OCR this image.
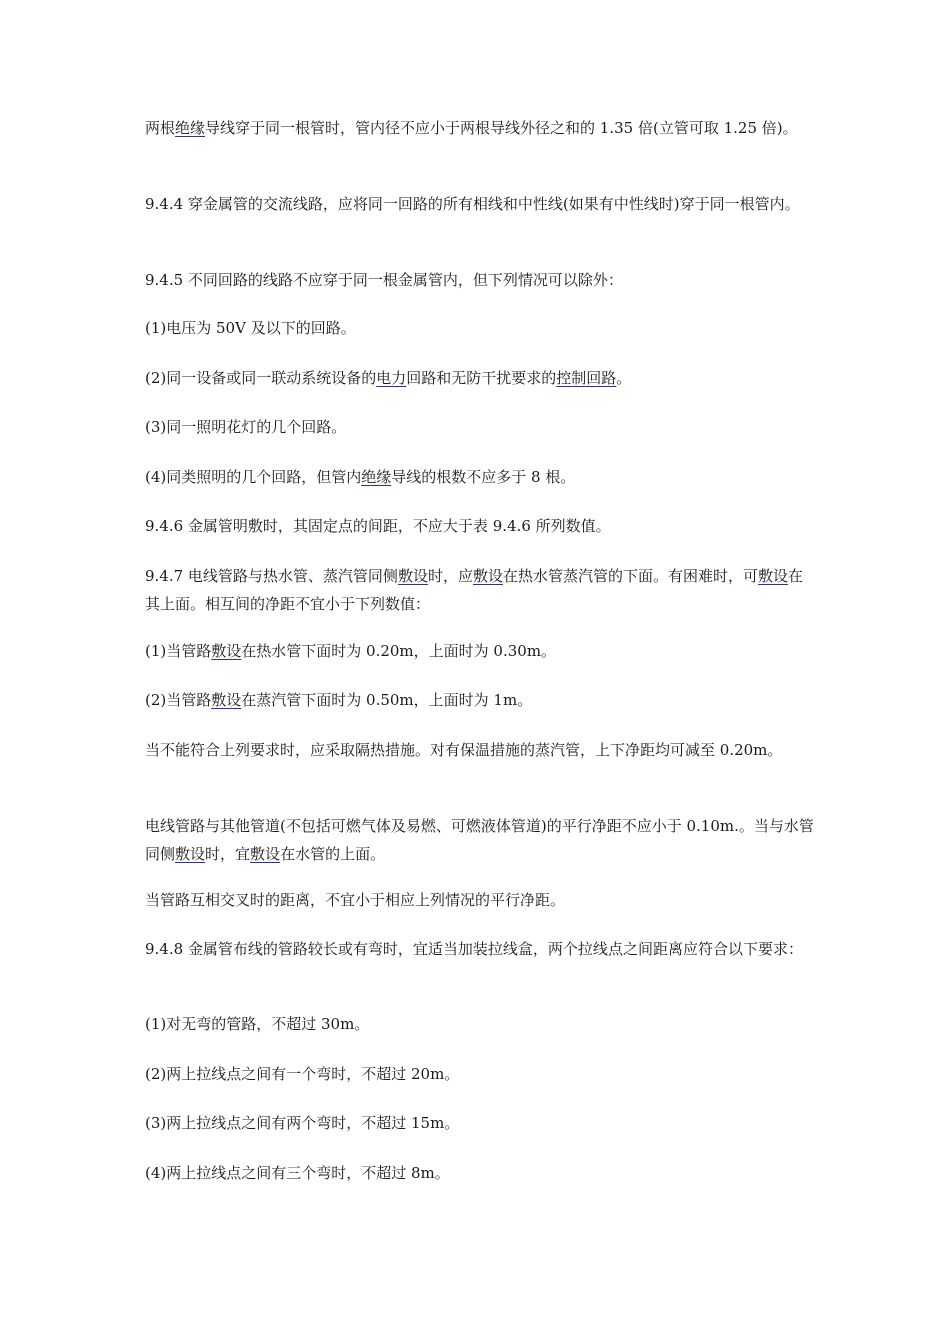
两根绝缘导线穿于同一根管时，管内径不应小于两根导线外径之和的 1.35 倍(立管可取 1.25 倍)。

9.4.4 穿金属管的交流线路，应将同一回路的所有相线和中性线(如果有中性线时)穿于同一根管内。

9.4.5 不同回路的线路不应穿于同一根金属管内，但下列情况可以除外：

(1)电压为 50V 及以下的回路。

(2)同一设备或同一联动系统设备的电力回路和无防干扰要求的控制回路。

(3)同一照明花灯的几个回路。

(4)同类照明的几个回路，但管内绝缘导线的根数不应多于 8 根。

9.4.6 金属管明敷时，其固定点的间距，不应大于表 9.4.6 所列数值。

9.4.7 电线管路与热水管、蒸汽管同侧敷设时，应敷设在热水管蒸汽管的下面。有困难时，可敷设在其上面。相互间的净距不宜小于下列数值：

(1)当管路敷设在热水管下面时为 0.20m，上面时为 0.30m。

(2)当管路敷设在蒸汽管下面时为 0.50m，上面时为 1m。

当不能符合上列要求时，应采取隔热措施。对有保温措施的蒸汽管，上下净距均可减至 0.20m。

电线管路与其他管道(不包括可燃气体及易燃、可燃液体管道)的平行净距不应小于 0.10m.。当与水管同侧敷设时，宜敷设在水管的上面。

当管路互相交叉时的距离，不宜小于相应上列情况的平行净距。

9.4.8 金属管布线的管路较长或有弯时，宜适当加装拉线盒，两个拉线点之间距离应符合以下要求：

(1)对无弯的管路，不超过 30m。

(2)两上拉线点之间有一个弯时，不超过 20m。

(3)两上拉线点之间有两个弯时，不超过 15m。

(4)两上拉线点之间有三个弯时，不超过 8m。
